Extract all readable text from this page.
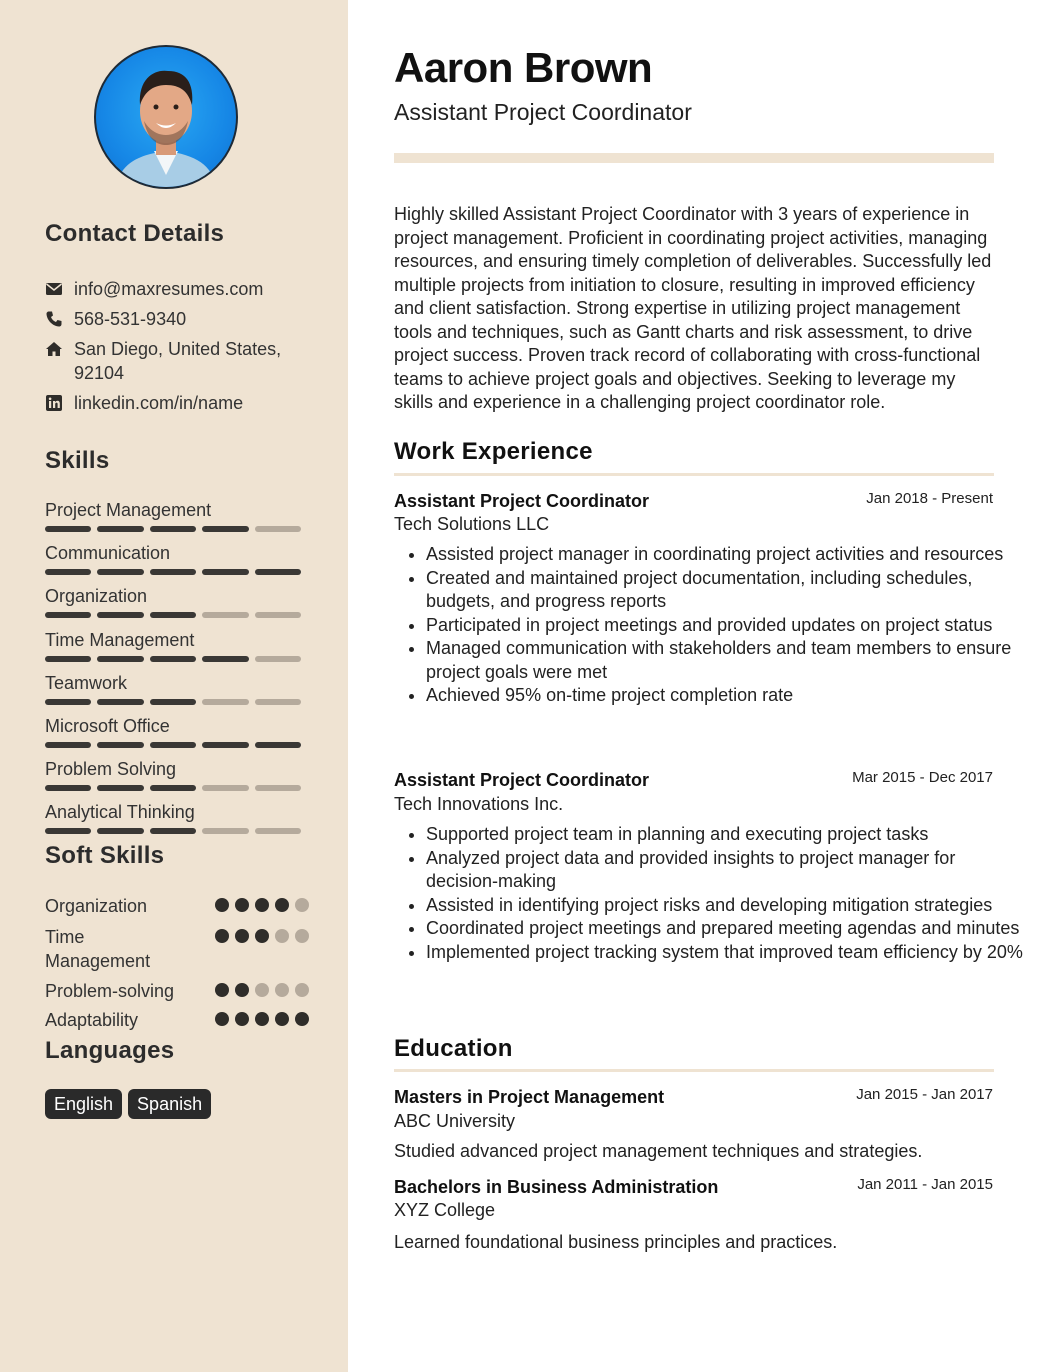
Contact Details
info@maxresumes.com
568-531-9340
San Diego, United States, 92104
linkedin.com/in/name
Skills
Project Management
Communication
Organization
Time Management
Teamwork
Microsoft Office
Problem Solving
Analytical Thinking
Soft Skills
Organization
Time Management
Problem-solving
Adaptability
Languages
English	Spanish
Aaron Brown
Assistant Project Coordinator

Highly skilled Assistant Project Coordinator with 3 years of experience in project management. Proficient in coordinating project activities, managing resources, and ensuring timely completion of deliverables. Successfully led multiple projects from initiation to closure, resulting in improved efficiency and client satisfaction. Strong expertise in utilizing project management tools and techniques, such as Gantt charts and risk assessment, to drive project success. Proven track record of collaborating with cross-functional teams to achieve project goals and objectives. Seeking to leverage my skills and experience in a challenging project coordinator role.

Work Experience
Assistant Project Coordinator	Jan 2018 - Present
Tech Solutions LLC
• Assisted project manager in coordinating project activities and resources
• Created and maintained project documentation, including schedules, budgets, and progress reports
• Participated in project meetings and provided updates on project status
• Managed communication with stakeholders and team members to ensure project goals were met
• Achieved 95% on-time project completion rate
Assistant Project Coordinator	Mar 2015 - Dec 2017
Tech Innovations Inc.
• Supported project team in planning and executing project tasks
• Analyzed project data and provided insights to project manager for decision-making
• Assisted in identifying project risks and developing mitigation strategies
• Coordinated project meetings and prepared meeting agendas and minutes
• Implemented project tracking system that improved team efficiency by 20%
Education
Masters in Project Management	Jan 2015 - Jan 2017
ABC University
Studied advanced project management techniques and strategies.
Bachelors in Business Administration	Jan 2011 - Jan 2015
XYZ College
Learned foundational business principles and practices.
